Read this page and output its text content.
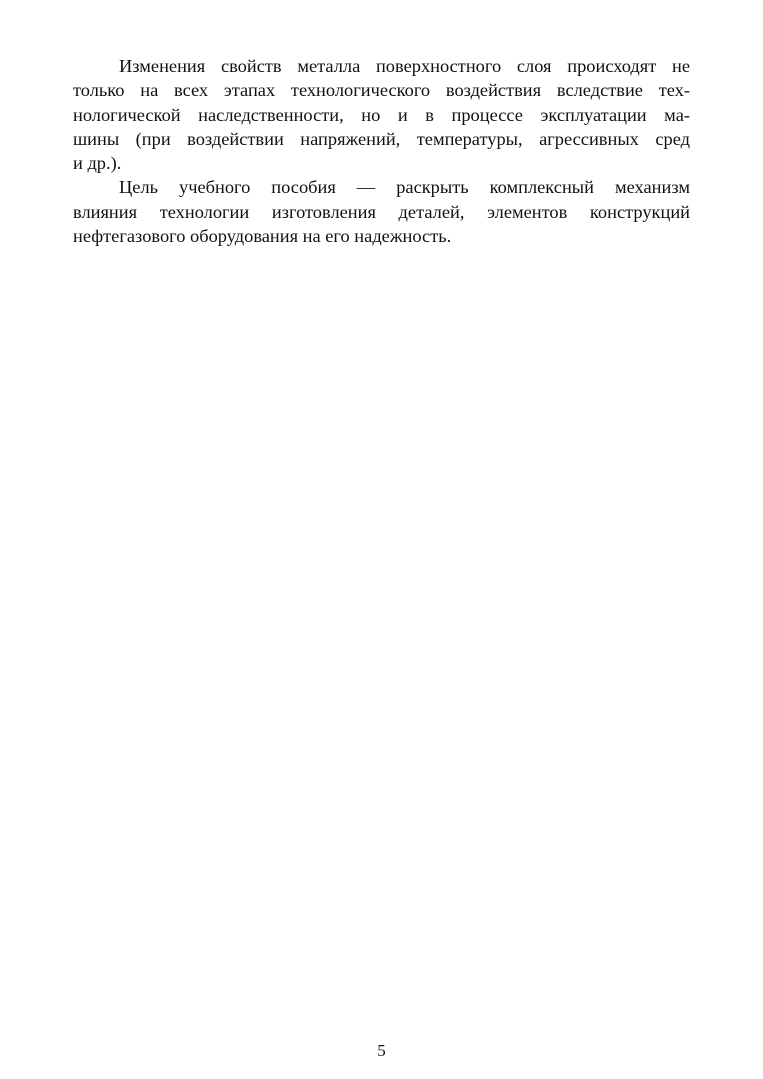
Изменения свойств металла поверхностного слоя происходят не
только на всех этапах технологического воздействия вследствие тех-
нологической наследственности, но и в процессе эксплуатации ма-
шины (при воздействии напряжений, температуры, агрессивных сред
и др.).
Цель учебного пособия — раскрыть комплексный механизм
влияния технологии изготовления деталей, элементов конструкций
нефтегазового оборудования на его надежность.
5
